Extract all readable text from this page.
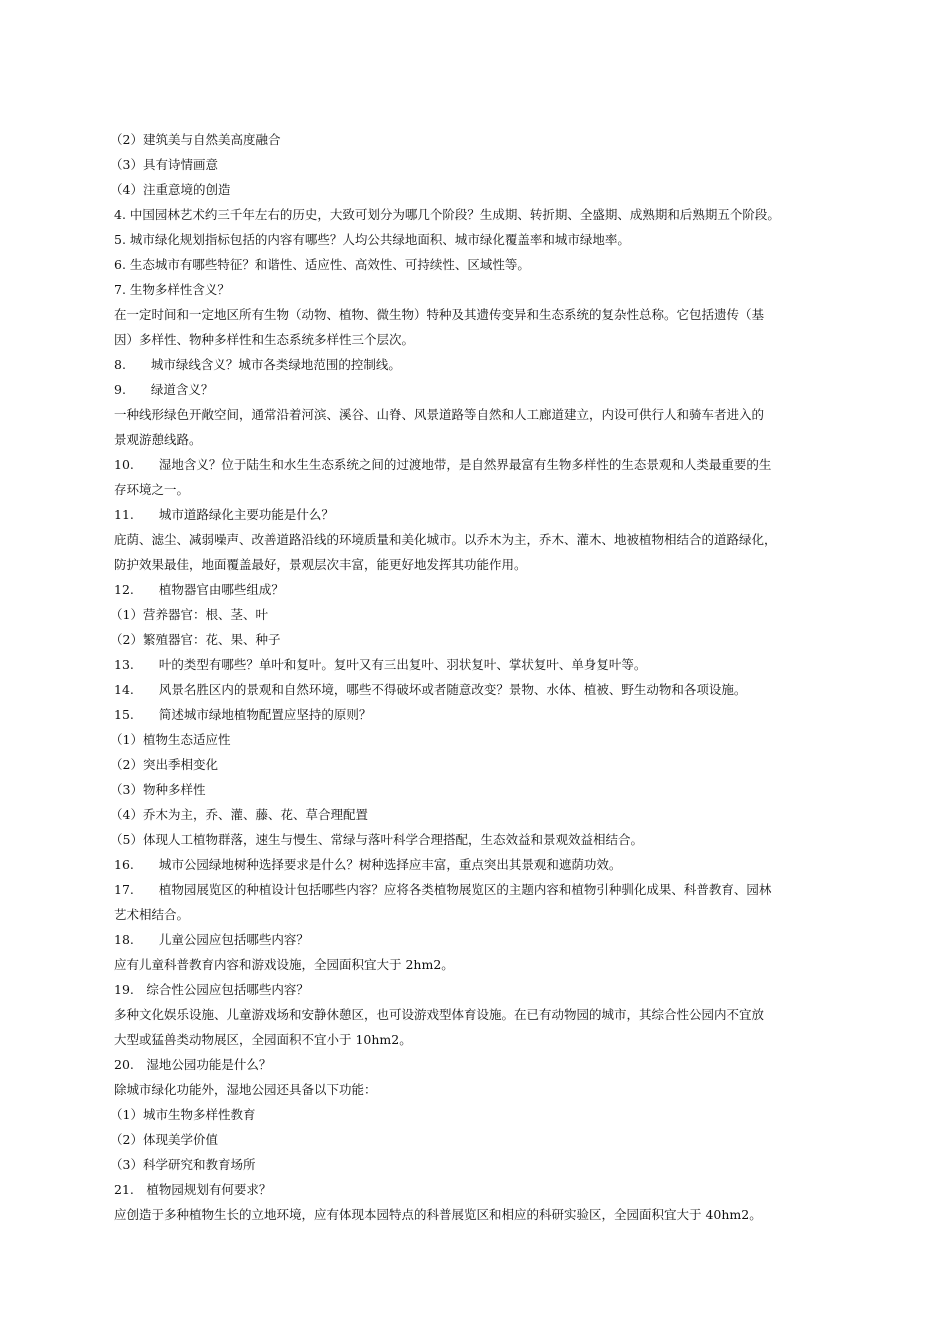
（2）建筑美与自然美高度融合
（3）具有诗情画意
（4）注重意境的创造
4. 中国园林艺术约三千年左右的历史，大致可划分为哪几个阶段？生成期、转折期、全盛期、成熟期和后熟期五个阶段。
5. 城市绿化规划指标包括的内容有哪些？人均公共绿地面积、城市绿化覆盖率和城市绿地率。
6. 生态城市有哪些特征？和谐性、适应性、高效性、可持续性、区域性等。
7. 生物多样性含义？
在一定时间和一定地区所有生物（动物、植物、微生物）特种及其遗传变异和生态系统的复杂性总称。它包括遗传（基
因）多样性、物种多样性和生态系统多样性三个层次。
8.　　城市绿线含义？城市各类绿地范围的控制线。
9.　　绿道含义？
一种线形绿色开敞空间，通常沿着河滨、溪谷、山脊、风景道路等自然和人工廊道建立，内设可供行人和骑车者进入的
景观游憩线路。
10.　　湿地含义？位于陆生和水生生态系统之间的过渡地带，是自然界最富有生物多样性的生态景观和人类最重要的生
存环境之一。
11.　　城市道路绿化主要功能是什么？
庇荫、滤尘、减弱噪声、改善道路沿线的环境质量和美化城市。以乔木为主，乔木、灌木、地被植物相结合的道路绿化，
防护效果最佳，地面覆盖最好，景观层次丰富，能更好地发挥其功能作用。
12.　　植物器官由哪些组成？
（1）营养器官：根、茎、叶
（2）繁殖器官：花、果、种子
13.　　叶的类型有哪些？单叶和复叶。复叶又有三出复叶、羽状复叶、掌状复叶、单身复叶等。
14.　　风景名胜区内的景观和自然环境，哪些不得破坏或者随意改变？景物、水体、植被、野生动物和各项设施。
15.　　简述城市绿地植物配置应坚持的原则？
（1）植物生态适应性
（2）突出季相变化
（3）物种多样性
（4）乔木为主，乔、灌、藤、花、草合理配置
（5）体现人工植物群落，速生与慢生、常绿与落叶科学合理搭配，生态效益和景观效益相结合。
16.　　城市公园绿地树种选择要求是什么？树种选择应丰富，重点突出其景观和遮荫功效。
17.　　植物园展览区的种植设计包括哪些内容？应将各类植物展览区的主题内容和植物引种驯化成果、科普教育、园林
艺术相结合。
18.　　儿童公园应包括哪些内容？
应有儿童科普教育内容和游戏设施，全园面积宜大于 2hm2。
19.　综合性公园应包括哪些内容？
多种文化娱乐设施、儿童游戏场和安静休憩区，也可设游戏型体育设施。在已有动物园的城市，其综合性公园内不宜放
大型或猛兽类动物展区，全园面积不宜小于 10hm2。
20.　湿地公园功能是什么？
除城市绿化功能外，湿地公园还具备以下功能：
（1）城市生物多样性教育
（2）体现美学价值
（3）科学研究和教育场所
21.　植物园规划有何要求？
应创造于多种植物生长的立地环境，应有体现本园特点的科普展览区和相应的科研实验区，全园面积宜大于 40hm2。
